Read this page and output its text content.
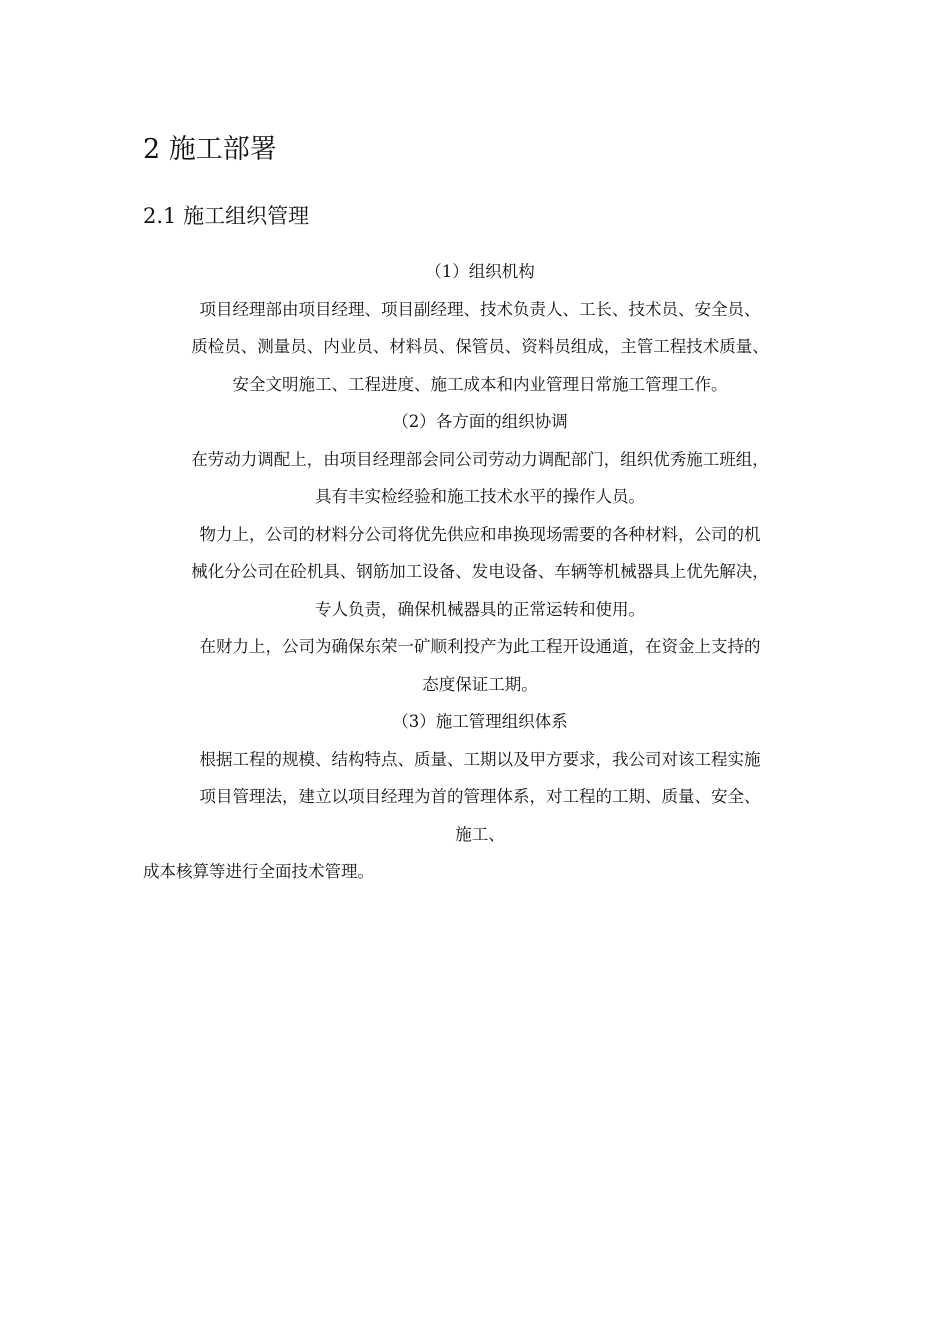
2 施工部署
2.1 施工组织管理
（1）组织机构
项目经理部由项目经理、项目副经理、技术负责人、工长、技术员、安全员、
质检员、测量员、内业员、材料员、保管员、资料员组成，主管工程技术质量、
安全文明施工、工程进度、施工成本和内业管理日常施工管理工作。
（2）各方面的组织协调
在劳动力调配上，由项目经理部会同公司劳动力调配部门，组织优秀施工班组，
具有丰实检经验和施工技术水平的操作人员。
物力上，公司的材料分公司将优先供应和串换现场需要的各种材料，公司的机
械化分公司在砼机具、钢筋加工设备、发电设备、车辆等机械器具上优先解决，
专人负责，确保机械器具的正常运转和使用。
在财力上，公司为确保东荣一矿顺利投产为此工程开设通道，在资金上支持的
态度保证工期。
（3）施工管理组织体系
根据工程的规模、结构特点、质量、工期以及甲方要求，我公司对该工程实施
项目管理法，建立以项目经理为首的管理体系，对工程的工期、质量、安全、
施工、
成本核算等进行全面技术管理。
